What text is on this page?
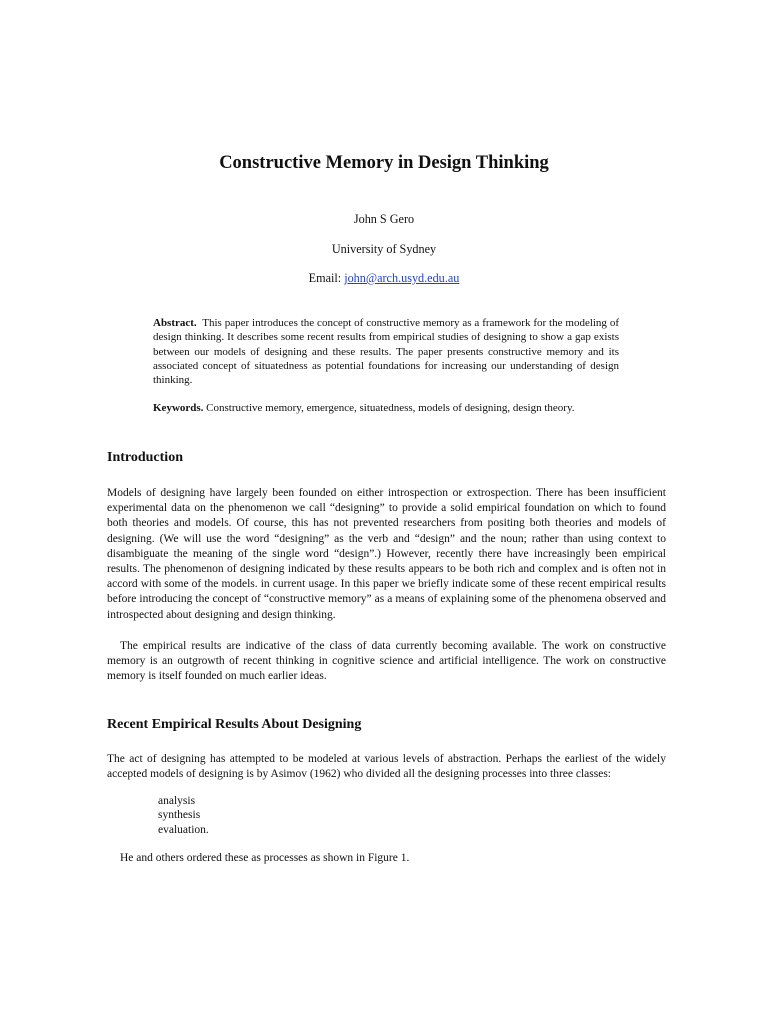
Constructive Memory in Design Thinking

John S Gero

University of Sydney

Email: john@arch.usyd.edu.au

Abstract. This paper introduces the concept of constructive memory as a framework for the modeling of design thinking. It describes some recent results from empirical studies of designing to show a gap exists between our models of designing and these results. The paper presents constructive memory and its associated concept of situatedness as potential foundations for increasing our understanding of design thinking.

Keywords. Constructive memory, emergence, situatedness, models of designing, design theory.

Introduction

Models of designing have largely been founded on either introspection or extrospection. There has been insufficient experimental data on the phenomenon we call “designing” to provide a solid empirical foundation on which to found both theories and models. Of course, this has not prevented researchers from positing both theories and models of designing. (We will use the word “designing” as the verb and “design” and the noun; rather than using context to disambiguate the meaning of the single word “design”.) However, recently there have increasingly been empirical results. The phenomenon of designing indicated by these results appears to be both rich and complex and is often not in accord with some of the models. in current usage. In this paper we briefly indicate some of these recent empirical results before introducing the concept of “constructive memory” as a means of explaining some of the phenomena observed and introspected about designing and design thinking.

The empirical results are indicative of the class of data currently becoming available. The work on constructive memory is an outgrowth of recent thinking in cognitive science and artificial intelligence. The work on constructive memory is itself founded on much earlier ideas.

Recent Empirical Results About Designing

The act of designing has attempted to be modeled at various levels of abstraction. Perhaps the earliest of the widely accepted models of designing is by Asimov (1962) who divided all the designing processes into three classes:

analysis
synthesis
evaluation.

He and others ordered these as processes as shown in Figure 1.
